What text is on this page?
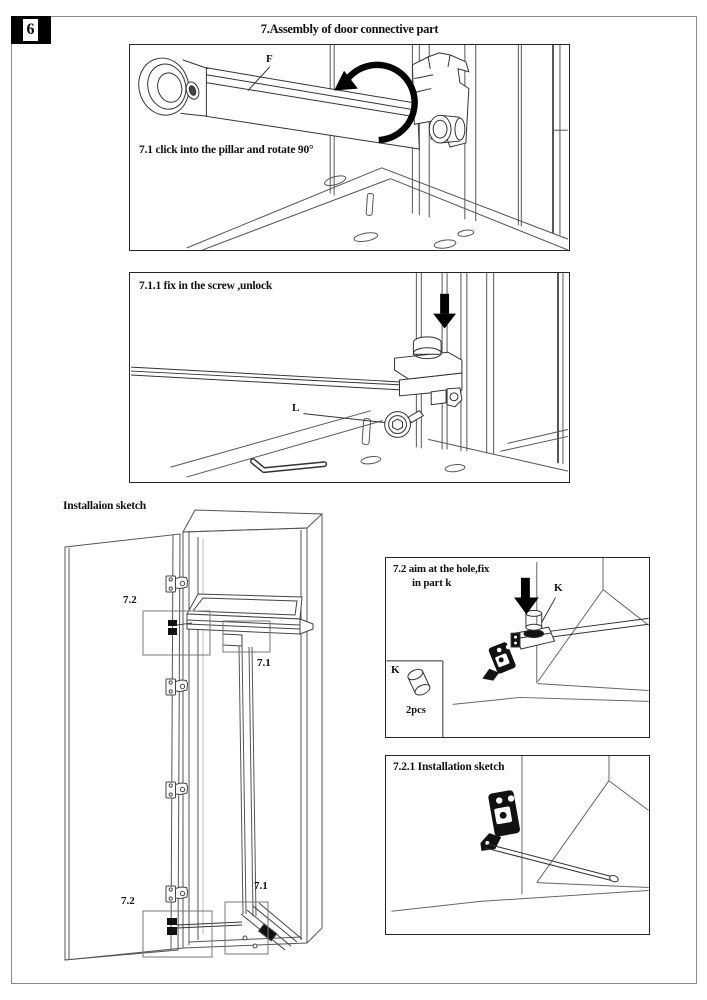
6	7.Assembly of door connective part
F
7.1 click into the pillar and rotate 90°
7.1.1 fix in the screw ,unlock
L
Installaion sketch
7.2
7.1
7.2
7.1
7.2 aim at the hole,fix
in part k	K
K
2pcs
7.2.1 Installation sketch
